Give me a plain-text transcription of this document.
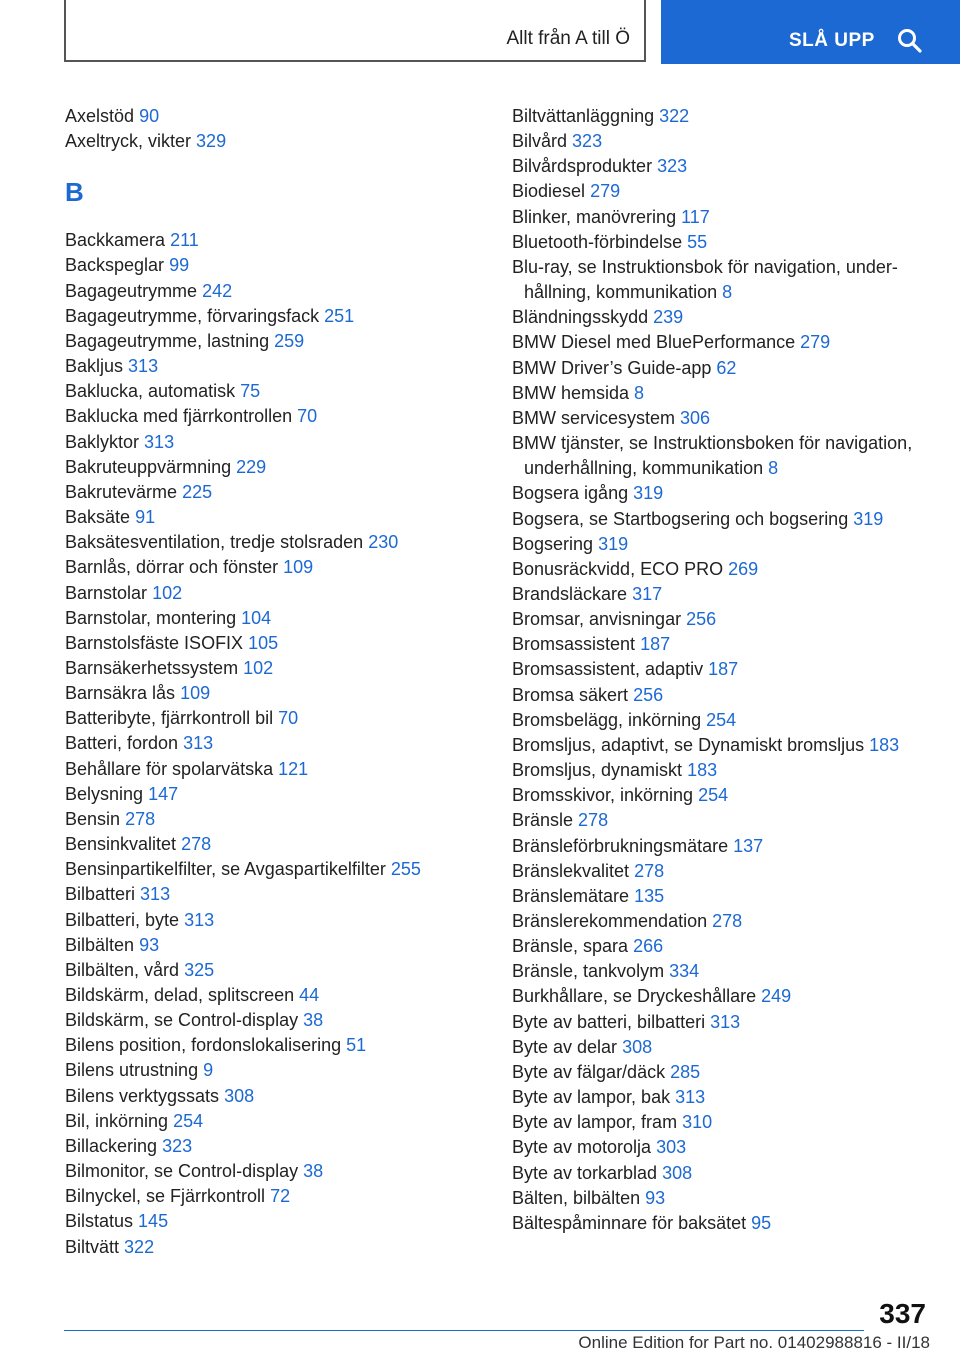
Allt från A till Ö	SLÅ UPP

Axelstöd 90

Axeltryck, vikter 329

B

Backkamera 211

Backspeglar 99

Bagageutrymme 242

Bagageutrymme, förvaringsfack 251

Bagageutrymme, lastning 259

Bakljus 313

Baklucka, automatisk 75

Baklucka med fjärrkontrollen 70

Baklyktor 313

Bakruteuppvärmning 229

Bakrutevärme 225

Baksäte 91

Baksätesventilation, tredje stolsraden 230

Barnlås, dörrar och fönster 109

Barnstolar 102

Barnstolar, montering 104

Barnstolsfäste ISOFIX 105

Barnsäkerhetssystem 102

Barnsäkra lås 109

Batteribyte, fjärrkontroll bil 70

Batteri, fordon 313

Behållare för spolarvätska 121

Belysning 147

Bensin 278

Bensinkvalitet 278

Bensinpartikelfilter, se Avgaspartikelfilter 255

Bilbatteri 313

Bilbatteri, byte 313

Bilbälten 93

Bilbälten, vård 325

Bildskärm, delad, splitscreen 44

Bildskärm, se Control-display 38

Bilens position, fordonslokalisering 51

Bilens utrustning 9

Bilens verktygssats 308

Bil, inkörning 254

Billackering 323

Bilmonitor, se Control-display 38

Bilnyckel, se Fjärrkontroll 72

Bilstatus 145

Biltvätt 322

Biltvättanläggning 322

Bilvård 323

Bilvårdsprodukter 323

Biodiesel 279

Blinker, manövrering 117

Bluetooth-förbindelse 55

Blu-ray, se Instruktionsbok för navigation, underhållning, kommunikation 8

Bländningsskydd 239

BMW Diesel med BluePerformance 279

BMW Driver’s Guide-app 62

BMW hemsida 8

BMW servicesystem 306

BMW tjänster, se Instruktionsboken för navigation, underhållning, kommunikation 8

Bogsera igång 319

Bogsera, se Startbogsering och bogsering 319

Bogsering 319

Bonusräckvidd, ECO PRO 269

Brandsläckare 317

Bromsar, anvisningar 256

Bromsassistent 187

Bromsassistent, adaptiv 187

Bromsa säkert 256

Bromsbelägg, inkörning 254

Bromsljus, adaptivt, se Dynamiskt bromsljus 183

Bromsljus, dynamiskt 183

Bromsskivor, inkörning 254

Bränsle 278

Bränsleförbrukningsmätare 137

Bränslekvalitet 278

Bränslemätare 135

Bränslerekommendation 278

Bränsle, spara 266

Bränsle, tankvolym 334

Burkhållare, se Dryckeshållare 249

Byte av batteri, bilbatteri 313

Byte av delar 308

Byte av fälgar/däck 285

Byte av lampor, bak 313

Byte av lampor, fram 310

Byte av motorolja 303

Byte av torkarblad 308

Bälten, bilbälten 93

Bältespåminnare för baksätet 95

337
Online Edition for Part no. 01402988816 - II/18
